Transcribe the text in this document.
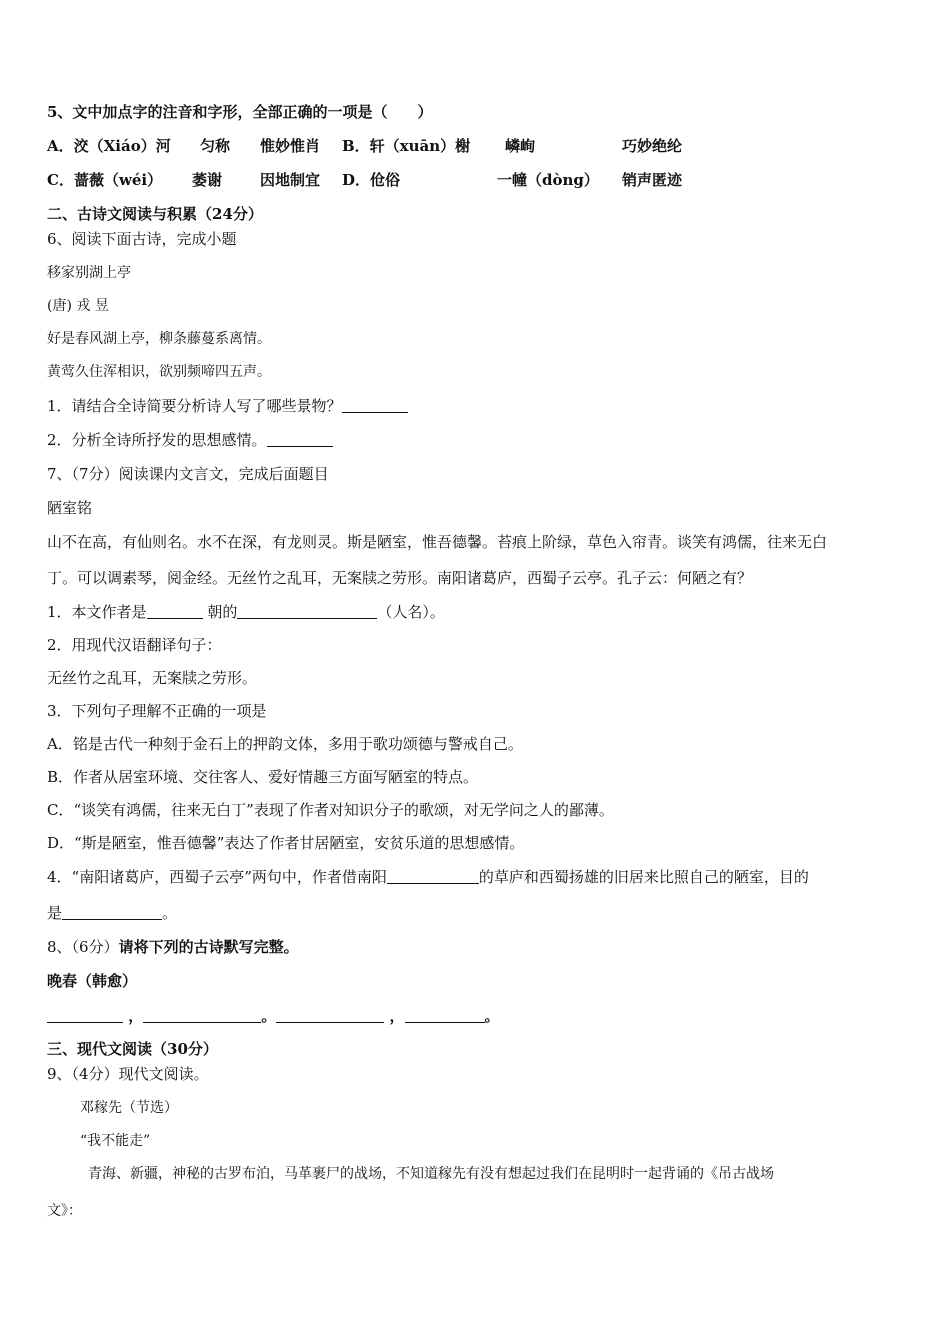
5、文中加点字的注音和字形，全部正确的一项是（　　）
A．洨（Xiáo）河 匀称 惟妙惟肖 B．轩（xuān）榭 嶙峋	巧妙绝纶
C．蔷薇（wéi） 萎谢	因地制宜 D．伧俗	一幢（dòng） 销声匿迹
二、古诗文阅读与积累（24分）
6、阅读下面古诗，完成小题
移家别湖上亭
(唐) 戎 昱
好是春风湖上亭，柳条藤蔓系离情。
黄莺久住浑相识，欲别频啼四五声。
1．请结合全诗简要分析诗人写了哪些景物？
2．分析全诗所抒发的思想感情。
7、（7分）阅读课内文言文，完成后面题目
陋室铭
山不在高，有仙则名。水不在深，有龙则灵。斯是陋室，惟吾德馨。苔痕上阶绿，草色入帘青。谈笑有鸿儒，往来无白
丁。可以调素琴，阅金经。无丝竹之乱耳，无案牍之劳形。南阳诸葛庐，西蜀子云亭。孔子云：何陋之有？
1．本文作者是	朝的	（人名）。
2．用现代汉语翻译句子：
无丝竹之乱耳，无案牍之劳形。
3．下列句子理解不正确的一项是
A．铭是古代一种刻于金石上的押韵文体，多用于歌功颂德与警戒自己。
B．作者从居室环境、交往客人、爱好情趣三方面写陋室的特点。
C．“谈笑有鸿儒，往来无白丁”表现了作者对知识分子的歌颂，对无学问之人的鄙薄。
D．“斯是陋室，惟吾德馨”表达了作者甘居陋室，安贫乐道的思想感情。
4．“南阳诸葛庐，西蜀子云亭”两句中，作者借南阳	的草庐和西蜀扬雄的旧居来比照自己的陋室，目的
是	。
8、（6分）请将下列的古诗默写完整。
晚春（韩愈）
，	。	，	。
三、现代文阅读（30分）
9、（4分）现代文阅读。
邓稼先（节选）
“我不能走”
青海、新疆，神秘的古罗布泊，马革裹尸的战场，不知道稼先有没有想起过我们在昆明时一起背诵的《吊古战场
文》：
